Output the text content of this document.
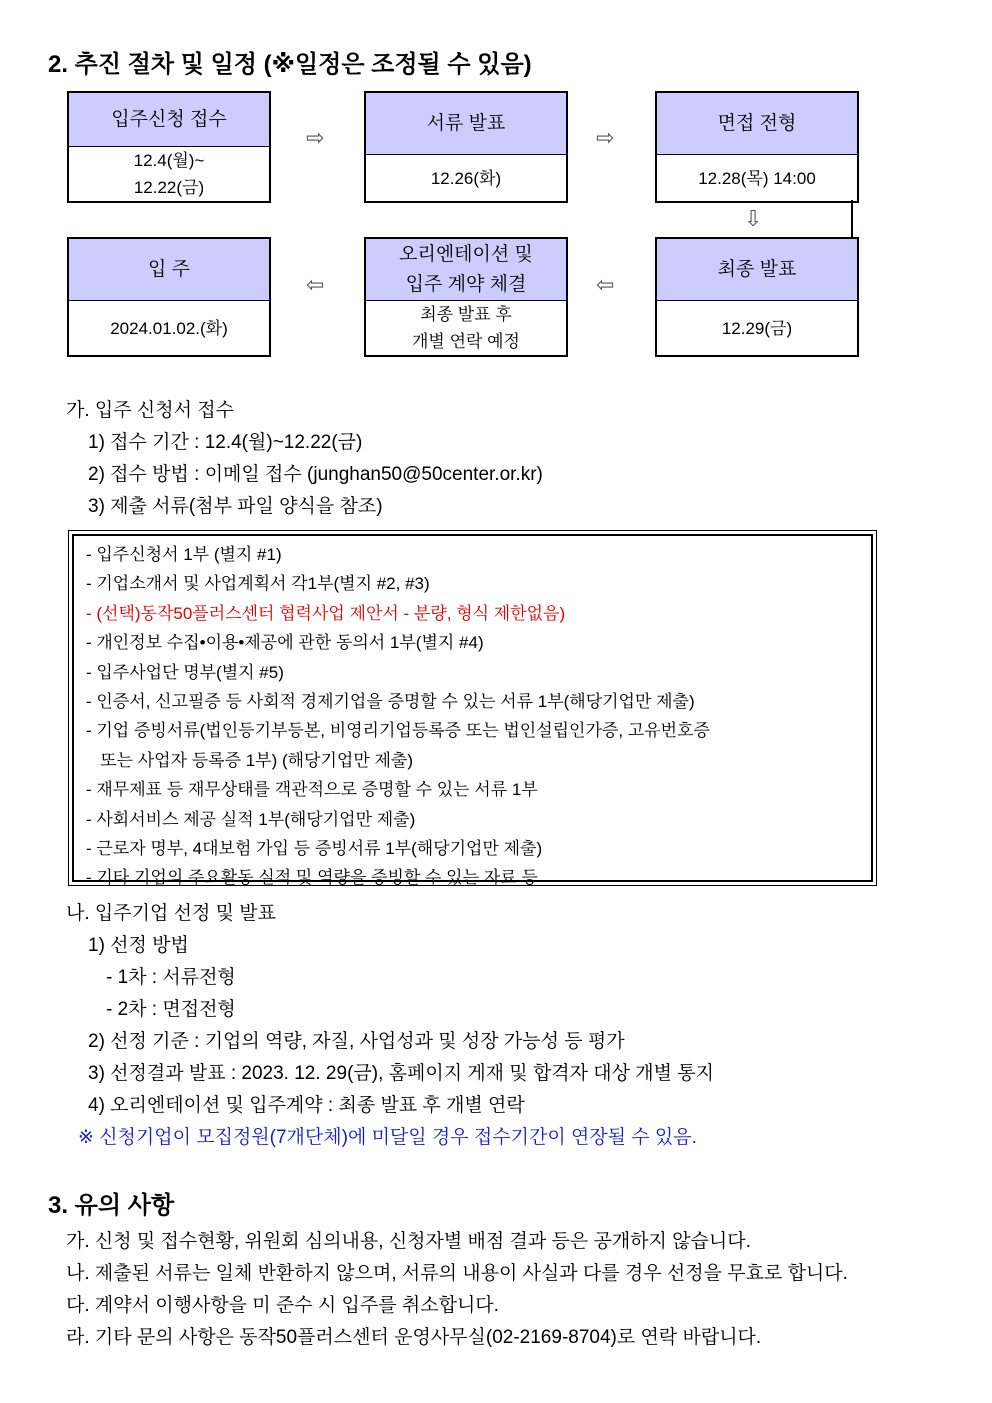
2. 추진 절차 및 일정 (※일정은 조정될 수 있음)
입주신청 접수
12.4(월)~
12.22(금)
서류 발표
12.26(화)
면접 전형
12.28(목) 14:00
최종 발표
12.29(금)
오리엔테이션 및
입주 계약 체결
최종 발표 후
개별 연락 예정
입 주
2024.01.02.(화)
⇨	⇨
⇩
⇦
⇦
가. 입주 신청서 접수
1) 접수 기간 : 12.4(월)~12.22(금)
2) 접수 방법 : 이메일 접수 (junghan50@50center.or.kr)
3) 제출 서류(첨부 파일 양식을 참조)
- 입주신청서 1부 (별지 #1)
- 기업소개서 및 사업계획서 각1부(별지 #2, #3)
- (선택)동작50플러스센터 협력사업 제안서 - 분량, 형식 제한없음)
- 개인정보 수집•이용•제공에 관한 동의서 1부(별지 #4)
- 입주사업단 명부(별지 #5)
- 인증서, 신고필증 등 사회적 경제기업을 증명할 수 있는 서류 1부(해당기업만 제출)
- 기업 증빙서류(법인등기부등본, 비영리기업등록증 또는 법인설립인가증, 고유번호증
또는 사업자 등록증 1부) (해당기업만 제출)
- 재무제표 등 재무상태를 객관적으로 증명할 수 있는 서류 1부
- 사회서비스 제공 실적 1부(해당기업만 제출)
- 근로자 명부, 4대보험 가입 등 증빙서류 1부(해당기업만 제출)
- 기타 기업의 주요활동 실적 및 역량을 증빙할 수 있는 자료 등
나. 입주기업 선정 및 발표
1) 선정 방법
- 1차 : 서류전형
- 2차 : 면접전형
2) 선정 기준 : 기업의 역량, 자질, 사업성과 및 성장 가능성 등 평가
3) 선정결과 발표 : 2023. 12. 29(금), 홈페이지 게재 및 합격자 대상 개별 통지
4) 오리엔테이션 및 입주계약 : 최종 발표 후 개별 연락
※ 신청기업이 모집정원(7개단체)에 미달일 경우 접수기간이 연장될 수 있음.
3. 유의 사항
가. 신청 및 접수현황, 위원회 심의내용, 신청자별 배점 결과 등은 공개하지 않습니다.
나. 제출된 서류는 일체 반환하지 않으며, 서류의 내용이 사실과 다를 경우 선정을 무효로 합니다.
다. 계약서 이행사항을 미 준수 시 입주를 취소합니다.
라. 기타 문의 사항은 동작50플러스센터 운영사무실(02-2169-8704)로 연락 바랍니다.
